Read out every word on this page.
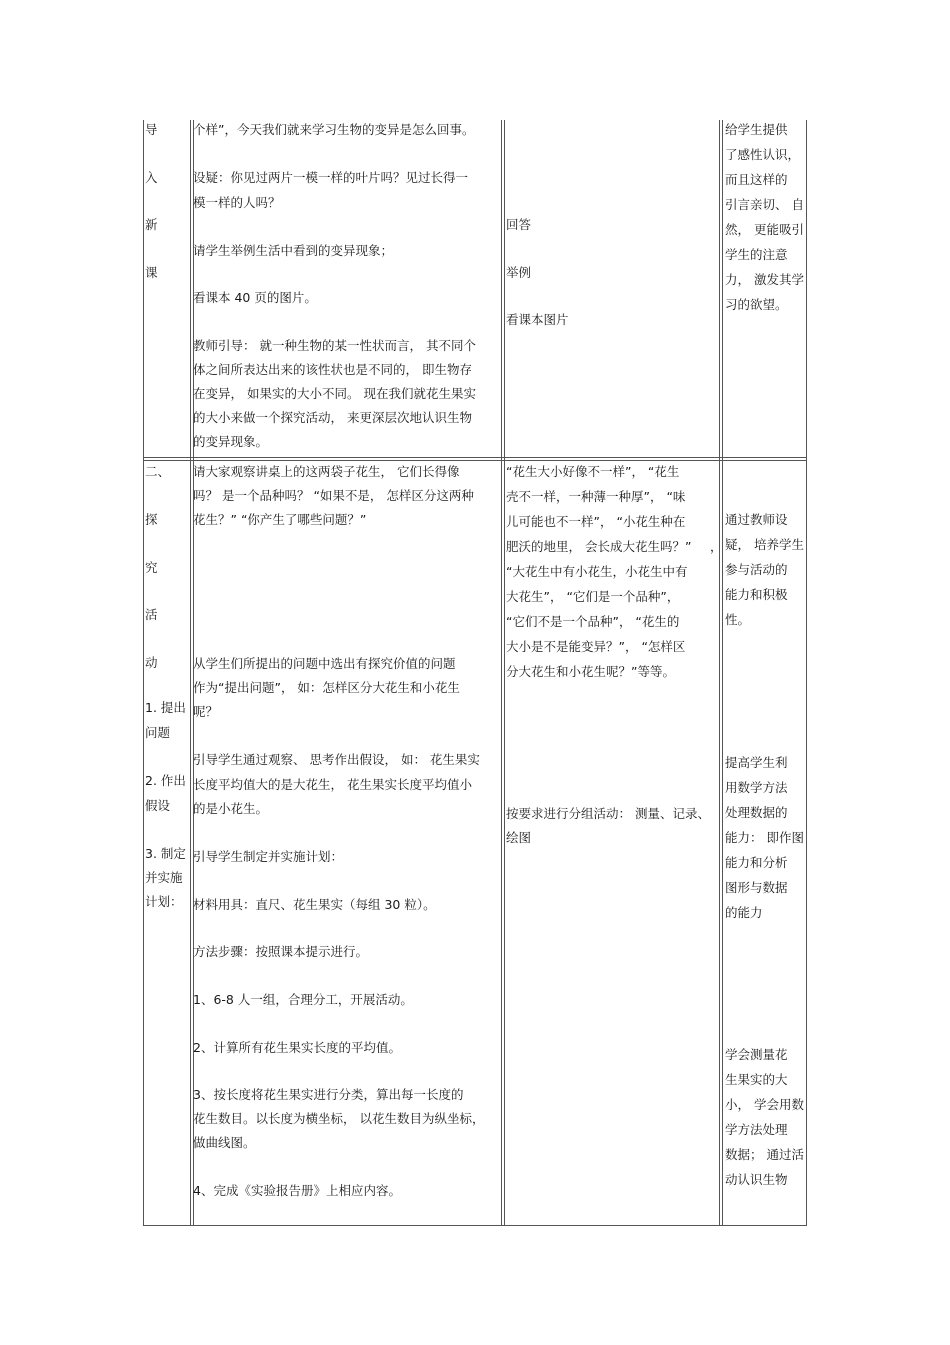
导
入
新
课
个样”，今天我们就来学习生物的变异是怎么回事。
设疑：你见过两片一模一样的叶片吗？见过长得一
模一样的人吗？
请学生举例生活中看到的变异现象；
看课本 40 页的图片。
教师引导： 就一种生物的某一性状而言， 其不同个
体之间所表达出来的该性状也是不同的， 即生物存
在变异， 如果实的大小不同。 现在我们就花生果实
的大小来做一个探究活动， 来更深层次地认识生物
的变异现象。
回答
举例
看课本图片
给学生提供
了感性认识，
而且这样的
引言亲切、 自
然， 更能吸引
学生的注意
力， 激发其学
习的欲望。
二、
探
究
活
动
1. 提出
问题
2. 作出
假设
3. 制定
并实施
计划：
请大家观察讲桌上的这两袋子花生， 它们长得像
吗？ 是一个品种吗？ “如果不是， 怎样区分这两种
花生？” “你产生了哪些问题？”
从学生们所提出的问题中选出有探究价值的问题
作为“提出问题”， 如：怎样区分大花生和小花生
呢？
引导学生通过观察、 思考作出假设， 如： 花生果实
长度平均值大的是大花生， 花生果实长度平均值小
的是小花生。
引导学生制定并实施计划：
材料用具：直尺、花生果实（每组 30 粒）。
方法步骤：按照课本提示进行。
1、6-8 人一组，合理分工，开展活动。
2、计算所有花生果实长度的平均值。
3、按长度将花生果实进行分类，算出每一长度的
花生数目。以长度为横坐标， 以花生数目为纵坐标，
做曲线图。
4、完成《实验报告册》上相应内容。
“花生大小好像不一样”， “花生
壳不一样，一种薄一种厚”， “味
儿可能也不一样”， “小花生种在
肥沃的地里， 会长成大花生吗？” ，
“大花生中有小花生，小花生中有
大花生”， “它们是一个品种”，
“它们不是一个品种”， “花生的
大小是不是能变异？”， “怎样区
分大花生和小花生呢？”等等。
按要求进行分组活动： 测量、记录、
绘图
通过教师设
疑， 培养学生
参与活动的
能力和积极
性。
提高学生利
用数学方法
处理数据的
能力： 即作图
能力和分析
图形与数据
的能力
学会测量花
生果实的大
小， 学会用数
学方法处理
数据； 通过活
动认识生物
